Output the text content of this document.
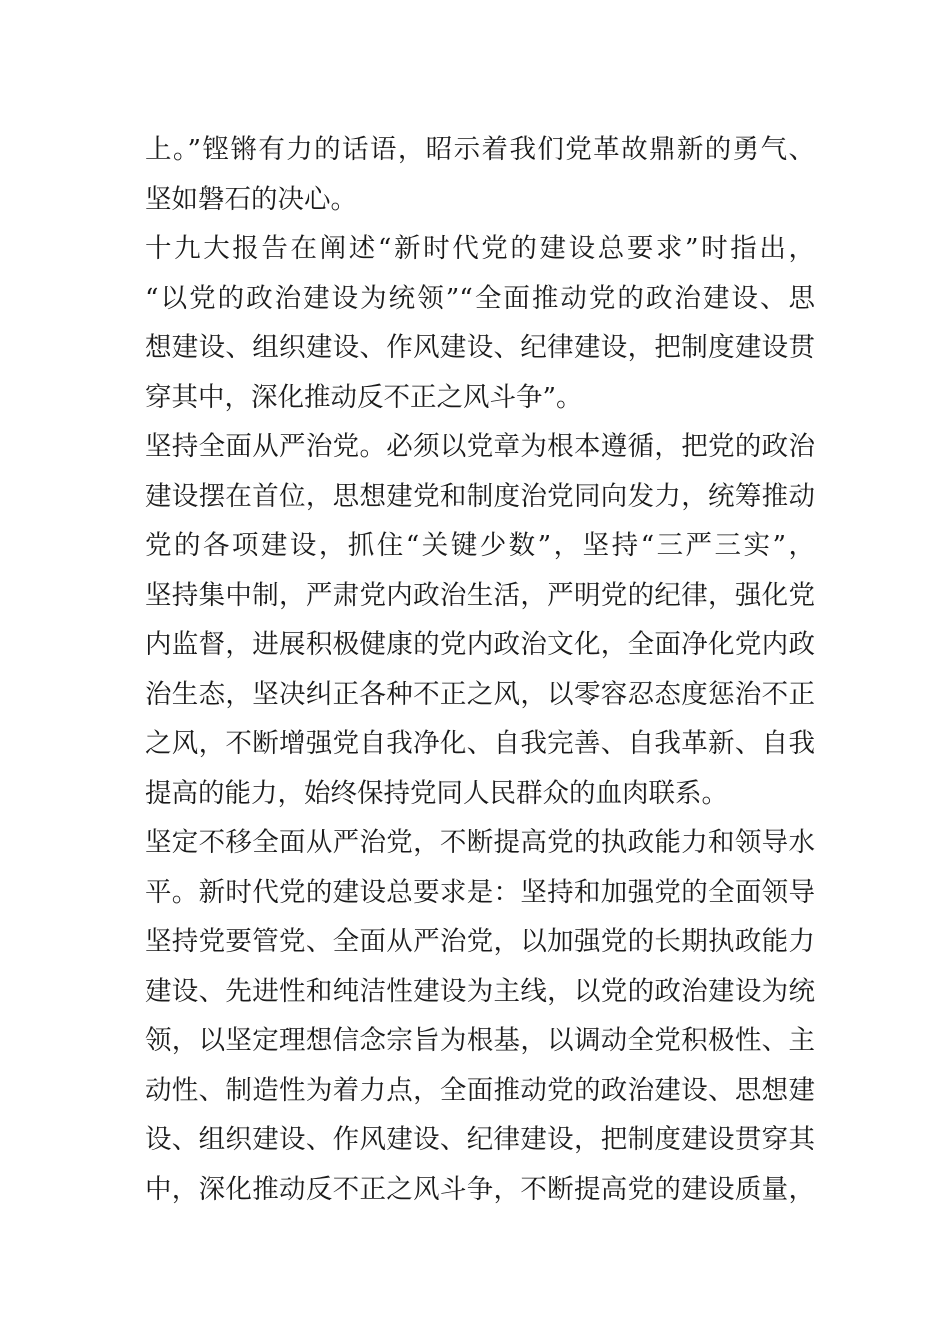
上。”铿锵有力的话语，昭示着我们党革故鼎新的勇气、
坚如磐石的决心。
十九大报告在阐述“新时代党的建设总要求”时指出，
“以党的政治建设为统领”“全面推动党的政治建设、思
想建设、组织建设、作风建设、纪律建设，把制度建设贯
穿其中，深化推动反不正之风斗争”。
坚持全面从严治党。必须以党章为根本遵循，把党的政治
建设摆在首位，思想建党和制度治党同向发力，统筹推动
党的各项建设，抓住“关键少数”，坚持“三严三实”，
坚持集中制，严肃党内政治生活，严明党的纪律，强化党
内监督，进展积极健康的党内政治文化，全面净化党内政
治生态，坚决纠正各种不正之风，以零容忍态度惩治不正
之风，不断增强党自我净化、自我完善、自我革新、自我
提高的能力，始终保持党同人民群众的血肉联系。
坚定不移全面从严治党，不断提高党的执政能力和领导水
平。新时代党的建设总要求是：坚持和加强党的全面领导
坚持党要管党、全面从严治党，以加强党的长期执政能力
建设、先进性和纯洁性建设为主线，以党的政治建设为统
领，以坚定理想信念宗旨为根基，以调动全党积极性、主
动性、制造性为着力点，全面推动党的政治建设、思想建
设、组织建设、作风建设、纪律建设，把制度建设贯穿其
中，深化推动反不正之风斗争，不断提高党的建设质量，
